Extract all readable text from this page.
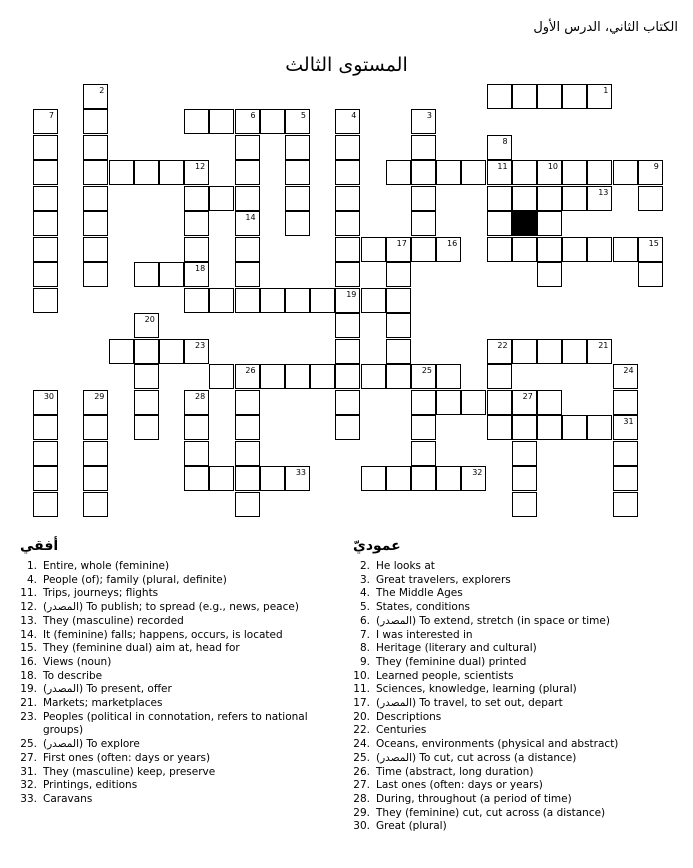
الكتاب الثاني، الدرس الأول
المستوى الثالث
2	1
7	6	5	4	3
8
12	11	10	9
13
14
17	16	15
18
19
20
23	22	21
26	25	24
30	29	28	27
31
33	32
أفقي	عموديّ
1. Entire, whole (feminine)
4. People (of); family (plural, definite)
11. Trips, journeys; flights
12. (المصدر) To publish; to spread (e.g., news, peace)
13. They (masculine) recorded
14. It (feminine) falls; happens, occurs, is located
15. They (feminine dual) aim at, head for
16. Views (noun)
18. To describe
19. (المصدر) To present, offer
21. Markets; marketplaces
23. Peoples (political in connotation, refers to national groups)
25. (المصدر) To explore
27. First ones (often: days or years)
31. They (masculine) keep, preserve
32. Printings, editions
33. Caravans
2. He looks at
3. Great travelers, explorers
4. The Middle Ages
5. States, conditions
6. (المصدر) To extend, stretch (in space or time)
7. I was interested in
8. Heritage (literary and cultural)
9. They (feminine dual) printed
10. Learned people, scientists
11. Sciences, knowledge, learning (plural)
17. (المصدر) To travel, to set out, depart
20. Descriptions
22. Centuries
24. Oceans, environments (physical and abstract)
25. (المصدر) To cut, cut across (a distance)
26. Time (abstract, long duration)
27. Last ones (often: days or years)
28. During, throughout (a period of time)
29. They (feminine) cut, cut across (a distance)
30. Great (plural)
